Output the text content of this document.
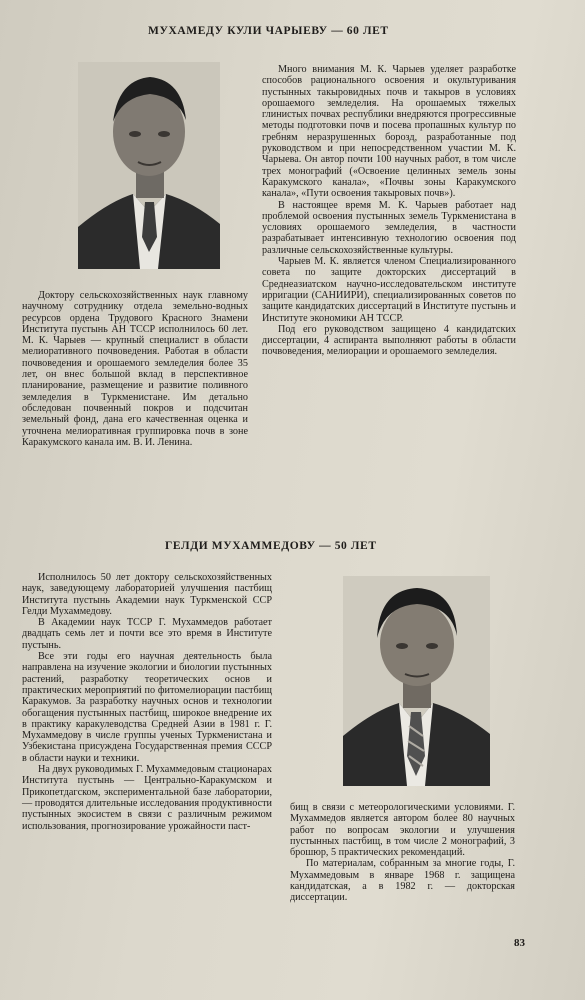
МУХАМЕДУ КУЛИ ЧАРЫЕВУ — 60 ЛЕТ

Доктору сельскохозяйственных наук главному научному сотруднику отдела земельно-водных ресурсов ордена Трудового Красного Знамени Института пустынь АН ТССР исполнилось 60 лет. М. К. Чарыев — крупный специалист в области мелиоративного почвоведения. Работая в области почвоведения и орошаемого земледелия более 35 лет, он внес большой вклад в перспективное планирование, размещение и развитие поливного земледелия в Туркменистане. Им детально обследован почвенный покров и подсчитан земельный фонд, дана его качественная оценка и уточнена мелиоративная группировка почв в зоне Каракумского канала им. В. И. Ленина.

Много внимания М. К. Чарыев уделяет разработке способов рационального освоения и окультуривания пустынных такыровидных почв и такыров в условиях орошаемого земледелия. На орошаемых тяжелых глинистых почвах республики внедряются прогрессивные методы подготовки почв и посева пропашных культур по гребням неразрушенных борозд, разработанные под руководством и при непосредственном участии М. К. Чарыева. Он автор почти 100 научных работ, в том числе трех монографий («Освоение целинных земель зоны Каракумского канала», «Почвы зоны Каракумского канала», «Пути освоения такыровых почв»).

В настоящее время М. К. Чарыев работает над проблемой освоения пустынных земель Туркменистана в условиях орошаемого земледелия, в частности разрабатывает интенсивную технологию освоения под различные сельскохозяйственные культуры.

Чарыев М. К. является членом Специализированного совета по защите докторских диссертаций в Среднеазиатском научно-исследовательском институте ирригации (САНИИРИ), специализированных советов по защите кандидатских диссертаций в Институте пустынь и Институте экономики АН ТССР.

Под его руководством защищено 4 кандидатских диссертации, 4 аспиранта выполняют работы в области почвоведения, мелиорации и орошаемого земледелия.

ГЕЛДИ МУХАММЕДОВУ — 50 ЛЕТ

Исполнилось 50 лет доктору сельскохозяйственных наук, заведующему лабораторией улучшения пастбищ Института пустынь Академии наук Туркменской ССР Гелди Мухаммедову.

В Академии наук ТССР Г. Мухаммедов работает двадцать семь лет и почти все это время в Институте пустынь.

Все эти годы его научная деятельность была направлена на изучение экологии и биологии пустынных растений, разработку теоретических основ и практических мероприятий по фитомелиорации пастбищ Каракумов. За разработку научных основ и технологии обогащения пустынных пастбищ, широкое внедрение их в практику каракулеводства Средней Азии в 1981 г. Г. Мухаммедову в числе группы ученых Туркменистана и Узбекистана присуждена Государственная премия СССР в области науки и техники.

На двух руководимых Г. Мухаммедовым стационарах Института пустынь — Центрально-Каракумском и Прикопетдагском, экспериментальной базе лаборатории, — проводятся длительные исследования продуктивности пустынных экосистем в связи с различным режимом использования, прогнозирование урожайности паст-

бищ в связи с метеорологическими условиями. Г. Мухаммедов является автором более 80 научных работ по вопросам экологии и улучшения пустынных пастбищ, в том числе 2 монографий, 3 брошюр, 5 практических рекомендаций.

По материалам, собранным за многие годы, Г. Мухаммедовым в январе 1968 г. защищена кандидатская, а в 1982 г. — докторская диссертации.

83
